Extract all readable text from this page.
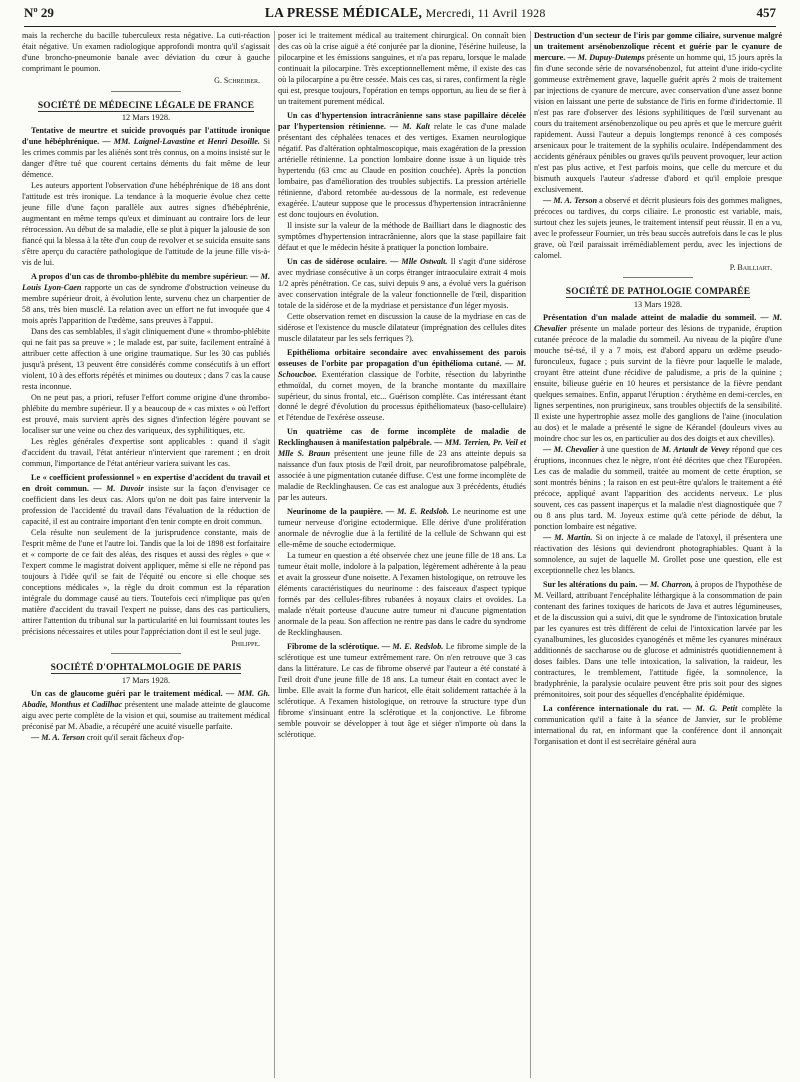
Nº 29	LA PRESSE MÉDICALE, Mercredi, 11 Avril 1928	457

mais la recherche du bacille tuberculeux resta négative. La cuti-réaction était négative. Un examen radiologique approfondi montra qu'il s'agissait d'une broncho-pneumonie banale avec déviation du cœur à gauche comprimant le poumon.

G. Schreiber.

SOCIÉTÉ DE MÉDECINE LÉGALE DE FRANCE
12 Mars 1928.

Tentative de meurtre et suicide provoqués par l'attitude ironique d'une hébéphrénique. — MM. Laignel-Lavastine et Henri Desoille. Si les crimes commis par les aliénés sont très connus, on a moins insisté sur le danger d'être tué que courent certains déments du fait même de leur démence.

Les auteurs apportent l'observation d'une hébéphrénique de 18 ans dont l'attitude est très ironique. La tendance à la moquerie évolue chez cette jeune fille d'une façon parallèle aux autres signes d'hébéphrénie, augmentant en même temps qu'eux et diminuant au contraire lors de leur rétrocession. Au début de sa maladie, elle se plut à piquer la jalousie de son fiancé qui la blessa à la tête d'un coup de revolver et se suicida ensuite sans s'être aperçu du caractère pathologique de l'attitude de la jeune fille vis-à-vis de lui.

A propos d'un cas de thrombo-phlébite du membre supérieur. — M. Louis Lyon-Caen rapporte un cas de syndrome d'obstruction veineuse du membre supérieur droit, à évolution lente, survenu chez un charpentier de 58 ans, très bien musclé. La relation avec un effort ne fut invoquée que 4 mois après l'apparition de l'œdème, sans preuves à l'appui.

Dans des cas semblables, il s'agit cliniquement d'une « thrombo-phlébite qui ne fait pas sa preuve » ; le malade est, par suite, facilement entraîné à attribuer cette affection à une origine traumatique. Sur les 30 cas publiés jusqu'à présent, 13 peuvent être considérés comme consécutifs à un effort violent, 10 à des efforts répétés et minimes ou douteux ; dans 7 cas la cause resta inconnue.

On ne peut pas, a priori, refuser l'effort comme origine d'une thrombo-phlébite du membre supérieur. Il y a beaucoup de « cas mixtes » où l'effort est prouvé, mais survient après des signes d'infection légère pouvant se localiser sur une veine ou chez des variqueux, des syphilitiques, etc.

Les règles générales d'expertise sont applicables : quand il s'agit d'accident du travail, l'état antérieur n'intervient que rarement ; en droit commun, l'importance de l'état antérieur variera suivant les cas.

Le « coefficient professionnel » en expertise d'accident du travail et en droit commun. — M. Duvoir insiste sur la façon d'envisager ce coefficient dans les deux cas. Alors qu'on ne doit pas faire intervenir la profession de l'accidenté du travail dans l'évaluation de la réduction de capacité, il est au contraire important d'en tenir compte en droit commun.

Cela résulte non seulement de la jurisprudence constante, mais de l'esprit même de l'une et l'autre loi. Tandis que la loi de 1898 est forfaitaire et « comporte de ce fait des aléas, des risques et aussi des règles » que « l'expert comme le magistrat doivent appliquer, même si elle ne répond pas toujours à l'idée qu'il se fait de l'équité ou encore si elle choque ses conceptions médicales », la règle du droit commun est la réparation intégrale du dommage causé au tiers. Toutefois ceci n'implique pas qu'en matière d'accident du travail l'expert ne puisse, dans des cas particuliers, attirer l'attention du tribunal sur la particularité en lui fournissant toutes les précisions nécessaires et utiles pour l'appréciation dont il est le seul juge.

Philippe.

SOCIÉTÉ D'OPHTALMOLOGIE DE PARIS
17 Mars 1928.

Un cas de glaucome guéri par le traitement médical. — MM. Gh. Abadie, Monthus et Cadilhac présentent une malade atteinte de glaucome aigu avec perte complète de la vision et qui, soumise au traitement médical préconisé par M. Abadie, a récupéré une acuité visuelle parfaite.

— M. A. Terson croit qu'il serait fâcheux d'op-

poser ici le traitement médical au traitement chirurgical. On connaît bien des cas où la crise aiguë a été conjurée par la dionine, l'ésérine huileuse, la pilocarpine et les émissions sanguines, et n'a pas reparu, lorsque le malade continuait la pilocarpine. Très exceptionnellement même, il existe des cas où la pilocarpine a pu être cessée. Mais ces cas, si rares, confirment la règle qui est, presque toujours, l'opération en temps opportun, au lieu de se fier à un traitement purement médical.

Un cas d'hypertension intracrânienne sans stase papillaire décelée par l'hypertension rétinienne. — M. Kalt relate le cas d'une malade présentant des céphalées tenaces et des vertiges. Examen neurologique négatif. Pas d'altération ophtalmoscopique, mais exagération de la pression artérielle rétinienne. La ponction lombaire donne issue à un liquide très hypertendu (63 cmc au Claude en position couchée). Après la ponction lombaire, pas d'amélioration des troubles subjectifs. La pression artérielle rétinienne, d'abord retombée au-dessous de la normale, est redevenue exagérée. L'auteur suppose que le processus d'hypertension intracrânienne est donc toujours en évolution.

Il insiste sur la valeur de la méthode de Bailliart dans le diagnostic des symptômes d'hypertension intracrânienne, alors que la stase papillaire fait défaut et que le médecin hésite à pratiquer la ponction lombaire.

Un cas de sidérose oculaire. — Mlle Ostwalt. Il s'agit d'une sidérose avec mydriase consécutive à un corps étranger intraoculaire extrait 4 mois 1/2 après pénétration. Ce cas, suivi depuis 9 ans, a évolué vers la guérison avec conservation intégrale de la valeur fonctionnelle de l'œil, disparition totale de la sidérose et de la mydriase et persistance d'un léger myosis.

Cette observation remet en discussion la cause de la mydriase en cas de sidérose et l'existence du muscle dilatateur (imprégnation des cellules dites muscle dilatateur par les sels ferriques ?).

Epithélioma orbitaire secondaire avec envahissement des parois osseuses de l'orbite par propagation d'un épithélioma cutané. — M. Schoucboe. Exentération classique de l'orbite, résection du labyrinthe ethmoïdal, du cornet moyen, de la branche montante du maxillaire supérieur, du sinus frontal, etc... Guérison complète. Cas intéressant étant donné le degré d'évolution du processus épithéliomateux (baso-cellulaire) et l'étendue de l'exérèse osseuse.

Un quatrième cas de forme incomplète de maladie de Recklinghausen à manifestation palpébrale. — MM. Terrien, Pr. Veil et Mlle S. Braun présentent une jeune fille de 23 ans atteinte depuis sa naissance d'un faux ptosis de l'œil droit, par neurofibromatose palpébrale, associée à une pigmentation cutanée diffuse. C'est une forme incomplète de maladie de Recklinghausen. Ce cas est analogue aux 3 précédents, étudiés par les auteurs.

Neurinome de la paupière. — M. E. Redslob. Le neurinome est une tumeur nerveuse d'origine ectodermique. Elle dérive d'une prolifération anormale de névroglie due à la fertilité de la cellule de Schwann qui est elle-même de souche ectodermique.

La tumeur en question a été observée chez une jeune fille de 18 ans. La tumeur était molle, indolore à la palpation, légèrement adhérente à la peau et avait la grosseur d'une noisette. A l'examen histologique, on retrouve les éléments caractéristiques du neurinome : des faisceaux d'aspect typique formés par des cellules-fibres rubanées à noyaux clairs et ovoïdes. La malade n'était porteuse d'aucune autre tumeur ni d'aucune pigmentation anormale de la peau. Son affection ne rentre pas dans le cadre du syndrome de Recklinghausen.

Fibrome de la sclérotique. — M. E. Redslob. Le fibrome simple de la sclérotique est une tumeur extrêmement rare. On n'en retrouve que 3 cas dans la littérature. Le cas de fibrome observé par l'auteur a été constaté à l'œil droit d'une jeune fille de 18 ans. La tumeur était en contact avec le limbe. Elle avait la forme d'un haricot, elle était solidement rattachée à la sclérotique. A l'examen histologique, on retrouve la structure type d'un fibrome s'insinuant entre la sclérotique et la conjonctive. Le fibrome semble pouvoir se développer à tout âge et siéger n'importe où dans la sclérotique.

Destruction d'un secteur de l'iris par gomme ciliaire, survenue malgré un traitement arsénobenzolique récent et guérie par le cyanure de mercure. — M. Dupuy-Dutemps présente un homme qui, 15 jours après la fin d'une seconde série de novarsénobenzol, fut atteint d'une irido-cyclite gommeuse extrêmement grave, laquelle guérit après 2 mois de traitement par injections de cyanure de mercure, avec conservation d'une assez bonne vision en laissant une perte de substance de l'iris en forme d'iridectomie. Il n'est pas rare d'observer des lésions syphilitiques de l'œil survenant au cours du traitement arsénobenzolique ou peu après et que le mercure guérit rapidement. Aussi l'auteur a depuis longtemps renoncé à ces composés arsenicaux pour le traitement de la syphilis oculaire. Indépendamment des accidents généraux pénibles ou graves qu'ils peuvent provoquer, leur action n'est pas plus active, et l'est parfois moins, que celle du mercure et du bismuth auxquels l'auteur s'adresse d'abord et qu'il emploie presque exclusivement.

— M. A. Terson a observé et décrit plusieurs fois des gommes malignes, précoces ou tardives, du corps ciliaire. Le pronostic est variable, mais, surtout chez les sujets jeunes, le traitement intensif peut réussir. Il en a vu, avec le professeur Fournier, un très beau succès autrefois dans le cas le plus grave, où l'œil paraissait irrémédiablement perdu, avec les injections de calomel.

P. Bailliart.

SOCIÉTÉ DE PATHOLOGIE COMPARÉE
13 Mars 1928.

Présentation d'un malade atteint de maladie du sommeil. — M. Chevalier présente un malade porteur des lésions de trypanide, éruption cutanée précoce de la maladie du sommeil. Au niveau de la piqûre d'une mouche tsé-tsé, il y a 7 mois, est d'abord apparu un œdème pseudo-furonculeux, fugace ; puis survint de la fièvre pour laquelle le malade, croyant être atteint d'une récidive de paludisme, a pris de la quinine ; ensuite, bilieuse guérie en 10 heures et persistance de la fièvre pendant quelques semaines. Enfin, apparut l'éruption : érythème en demi-cercles, en lignes serpentines, non prurigineux, sans troubles objectifs de la sensibilité. Il existe une hypertrophie assez molle des ganglions de l'aine (inoculation au dos) et le malade a présenté le signe de Kérandel (douleurs vives au moindre choc sur les os, en particulier au dos des doigts et aux chevilles).

— M. Chevalier à une question de M. Artault de Vevey répond que ces éruptions, inconnues chez le nègre, n'ont été décrites que chez l'Européen. Les cas de maladie du sommeil, traitée au moment de cette éruption, se sont montrés bénins ; la raison en est peut-être qu'alors le traitement a été précoce, appliqué avant l'apparition des accidents nerveux. Le plus souvent, ces cas passent inaperçus et la maladie n'est diagnostiquée que 7 ou 8 ans plus tard. M. Joyeux estime qu'à cette période de début, la ponction lombaire est négative.

— M. Martin. Si on injecte à ce malade de l'atoxyl, il présentera une réactivation des lésions qui deviendront photographiables. Quant à la somnolence, au sujet de laquelle M. Grollet pose une question, elle est exceptionnelle chez les blancs.

Sur les altérations du pain. — M. Charron, à propos de l'hypothèse de M. Veillard, attribuant l'encéphalite léthargique à la consommation de pain contenant des farines toxiques de haricots de Java et autres légumineuses, et de la discussion qui a suivi, dit que le syndrome de l'intoxication brutale par les cyanures est très différent de celui de l'intoxication larvée par les cyanalbumines, les glucosides cyanogénés et même les cyanures minéraux additionnés de saccharose ou de glucose et administrés quotidiennement à doses faibles. Dans une telle intoxication, la salivation, la raideur, les contractures, le tremblement, l'attitude figée, la somnolence, la bradyphrénie, la paralysie oculaire peuvent être pris soit pour des signes prémonitoires, soit pour des séquelles d'encéphalite épidémique.

La conférence internationale du rat. — M. G. Petit complète la communication qu'il a faite à la séance de Janvier, sur le problème international du rat, en informant que la conférence dont il annonçait l'organisation et dont il est secrétaire général aura
